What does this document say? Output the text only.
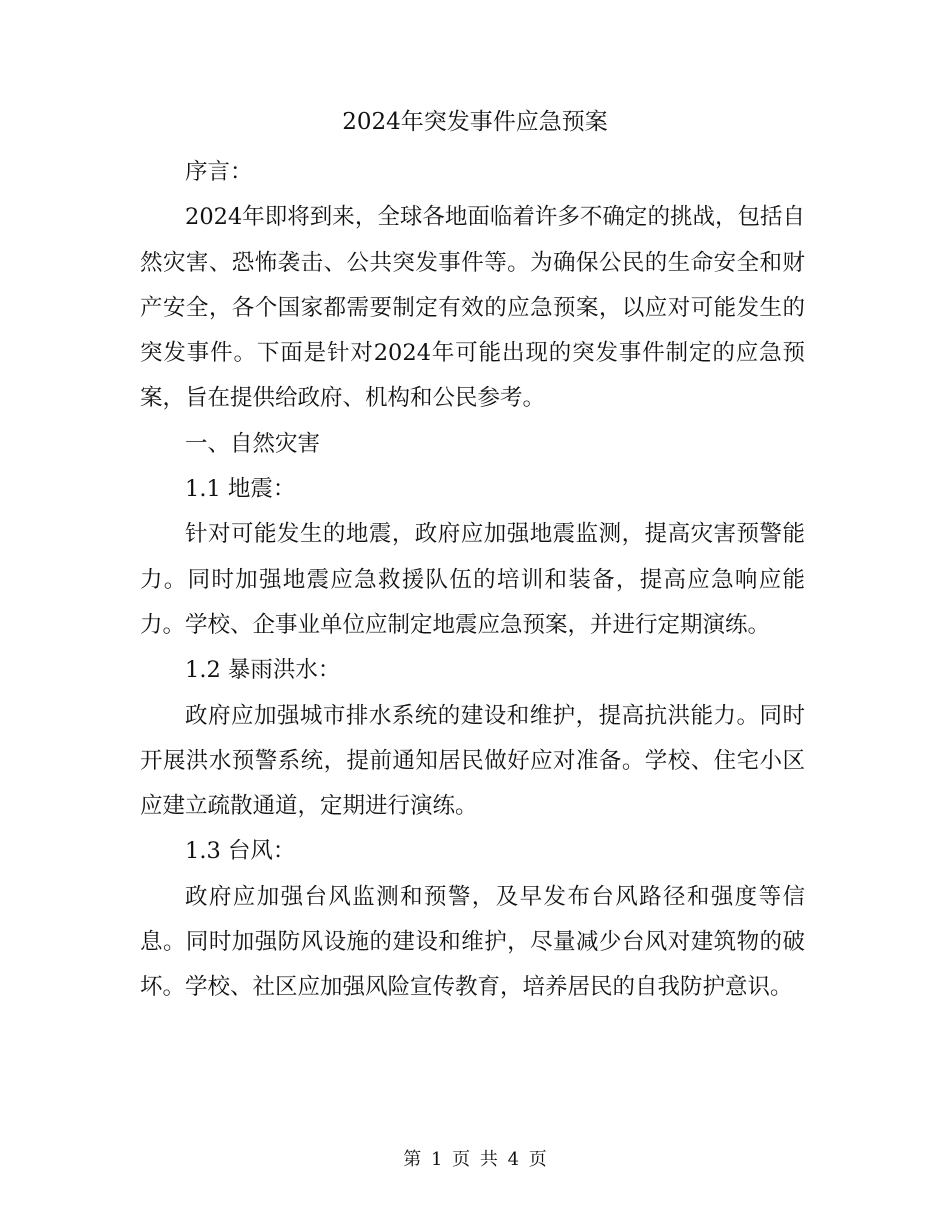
2024年突发事件应急预案

序言：

2024年即将到来，全球各地面临着许多不确定的挑战，包括自然灾害、恐怖袭击、公共突发事件等。为确保公民的生命安全和财产安全，各个国家都需要制定有效的应急预案，以应对可能发生的突发事件。下面是针对2024年可能出现的突发事件制定的应急预案，旨在提供给政府、机构和公民参考。

一、自然灾害

1.1 地震：

针对可能发生的地震，政府应加强地震监测，提高灾害预警能力。同时加强地震应急救援队伍的培训和装备，提高应急响应能力。学校、企事业单位应制定地震应急预案，并进行定期演练。

1.2 暴雨洪水：

政府应加强城市排水系统的建设和维护，提高抗洪能力。同时开展洪水预警系统，提前通知居民做好应对准备。学校、住宅小区应建立疏散通道，定期进行演练。

1.3 台风：

政府应加强台风监测和预警，及早发布台风路径和强度等信息。同时加强防风设施的建设和维护，尽量减少台风对建筑物的破坏。学校、社区应加强风险宣传教育，培养居民的自我防护意识。

第 1 页 共 4 页
